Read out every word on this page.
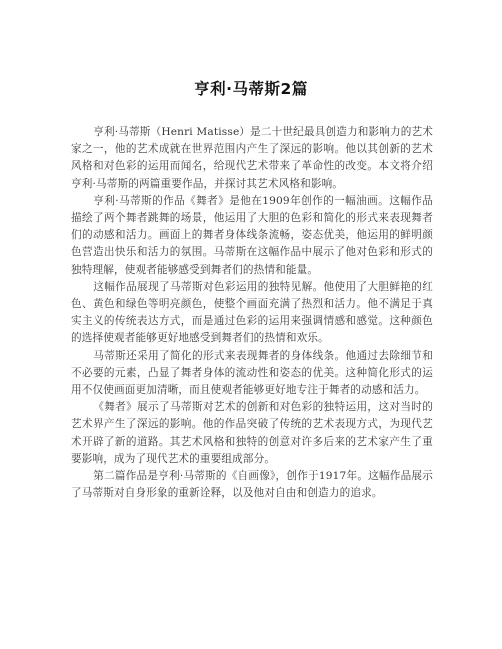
亨利·马蒂斯2篇

亨利·马蒂斯（Henri Matisse）是二十世纪最具创造力和影响力的艺术家之一，他的艺术成就在世界范围内产生了深远的影响。他以其创新的艺术风格和对色彩的运用而闻名，给现代艺术带来了革命性的改变。本文将介绍亨利·马蒂斯的两篇重要作品，并探讨其艺术风格和影响。

亨利·马蒂斯的作品《舞者》是他在1909年创作的一幅油画。这幅作品描绘了两个舞者跳舞的场景，他运用了大胆的色彩和简化的形式来表现舞者们的动感和活力。画面上的舞者身体线条流畅，姿态优美，他运用的鲜明颜色营造出快乐和活力的氛围。马蒂斯在这幅作品中展示了他对色彩和形式的独特理解，使观者能够感受到舞者们的热情和能量。

这幅作品展现了马蒂斯对色彩运用的独特见解。他使用了大胆鲜艳的红色、黄色和绿色等明亮颜色，使整个画面充满了热烈和活力。他不满足于真实主义的传统表达方式，而是通过色彩的运用来强调情感和感觉。这种颜色的选择使观者能够更好地感受到舞者们的热情和欢乐。

马蒂斯还采用了简化的形式来表现舞者的身体线条。他通过去除细节和不必要的元素，凸显了舞者身体的流动性和姿态的优美。这种简化形式的运用不仅使画面更加清晰，而且使观者能够更好地专注于舞者的动感和活力。

《舞者》展示了马蒂斯对艺术的创新和对色彩的独特运用，这对当时的艺术界产生了深远的影响。他的作品突破了传统的艺术表现方式，为现代艺术开辟了新的道路。其艺术风格和独特的创意对许多后来的艺术家产生了重要影响，成为了现代艺术的重要组成部分。

第二篇作品是亨利·马蒂斯的《自画像》，创作于1917年。这幅作品展示了马蒂斯对自身形象的重新诠释，以及他对自由和创造力的追求。
